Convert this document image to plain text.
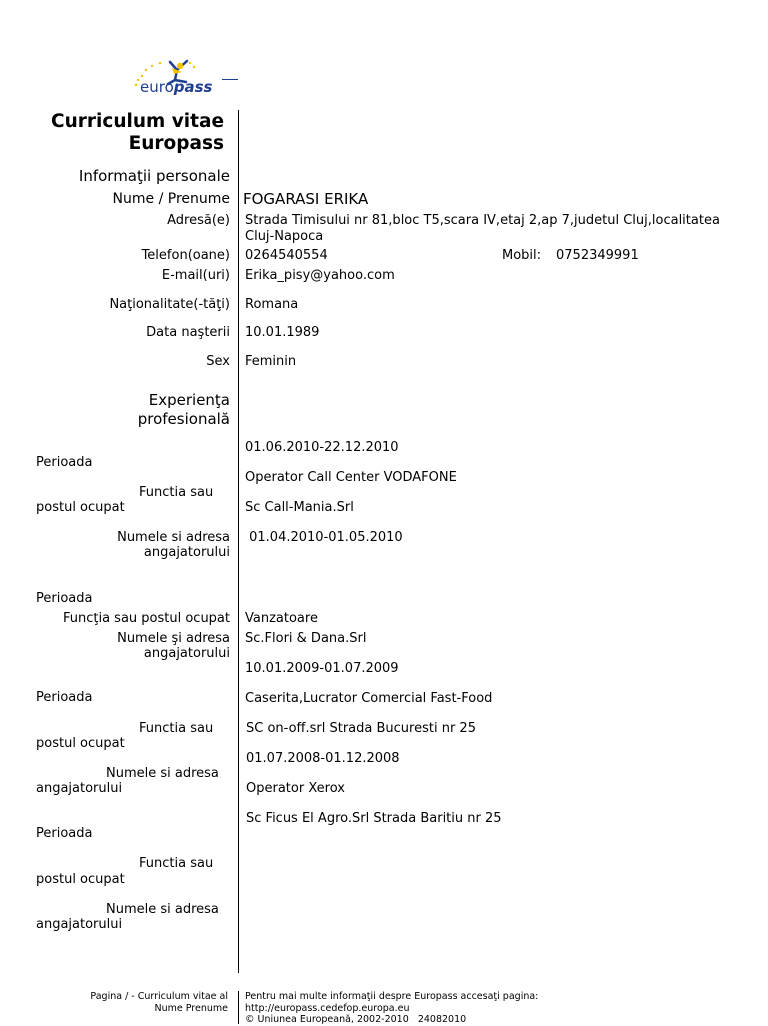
europass
Curriculum vitae
Europass
Informaţii personale
Nume / Prenume FOGARASI ERIKA
Adresă(e) Strada Timisului nr 81,bloc T5,scara IV,etaj 2,ap 7,judetul Cluj,localitatea
Cluj-Napoca
Telefon(oane) 0264540554	Mobil: 0752349991
E-mail(uri) Erika_pisy@yahoo.com
Naţionalitate(-tăţi) Romana
Data naşterii 10.01.1989
Sex Feminin
Experienţa
profesională
Perioada
Functia sau
postul ocupat
Numele si adresa
angajatorului
Perioada
Funcţia sau postul ocupat
Numele şi adresa
angajatorului
Perioada
Functia sau
postul ocupat
Numele si adresa
angajatorului
Perioada
Functia sau
postul ocupat
Numele si adresa
angajatorului
01.06.2010-22.12.2010
Operator Call Center VODAFONE
Sc Call-Mania.Srl
01.04.2010-01.05.2010
Vanzatoare
Sc.Flori & Dana.Srl
10.01.2009-01.07.2009
Caserita,Lucrator Comercial Fast-Food
SC on-off.srl Strada Bucuresti nr 25
01.07.2008-01.12.2008
Operator Xerox
Sc Ficus El Agro.Srl Strada Baritiu nr 25
Pagina / - Curriculum vitae al
Nume Prenume
Pentru mai multe informaţii despre Europass accesaţi pagina:
http://europass.cedefop.europa.eu
© Uniunea Europeană, 2002-2010   24082010
